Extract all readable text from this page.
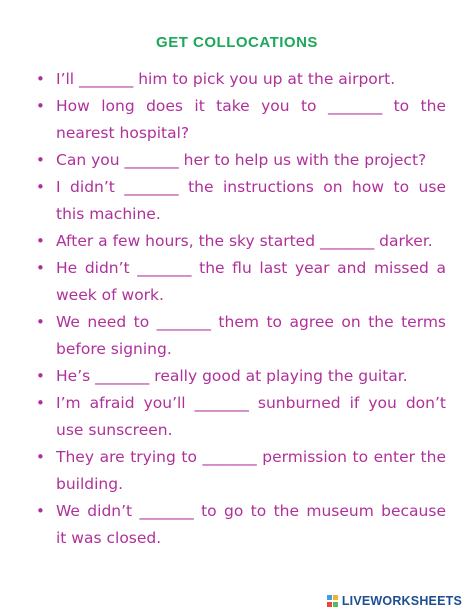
GET COLLOCATIONS
• I’ll _______ him to pick you up at the airport.
• How long does it take you to _______ to the
nearest hospital?
• Can you _______ her to help us with the project?
• I didn’t _______ the instructions on how to use
this machine.
• After a few hours, the sky started _______ darker.
• He didn’t _______ the flu last year and missed a
week of work.
• We need to _______ them to agree on the terms
before signing.
• He’s _______ really good at playing the guitar.
• I’m afraid you’ll _______ sunburned if you don’t
use sunscreen.
• They are trying to _______ permission to enter the
building.
• We didn’t _______ to go to the museum because
it was closed.
LIVEWORKSHEETS
